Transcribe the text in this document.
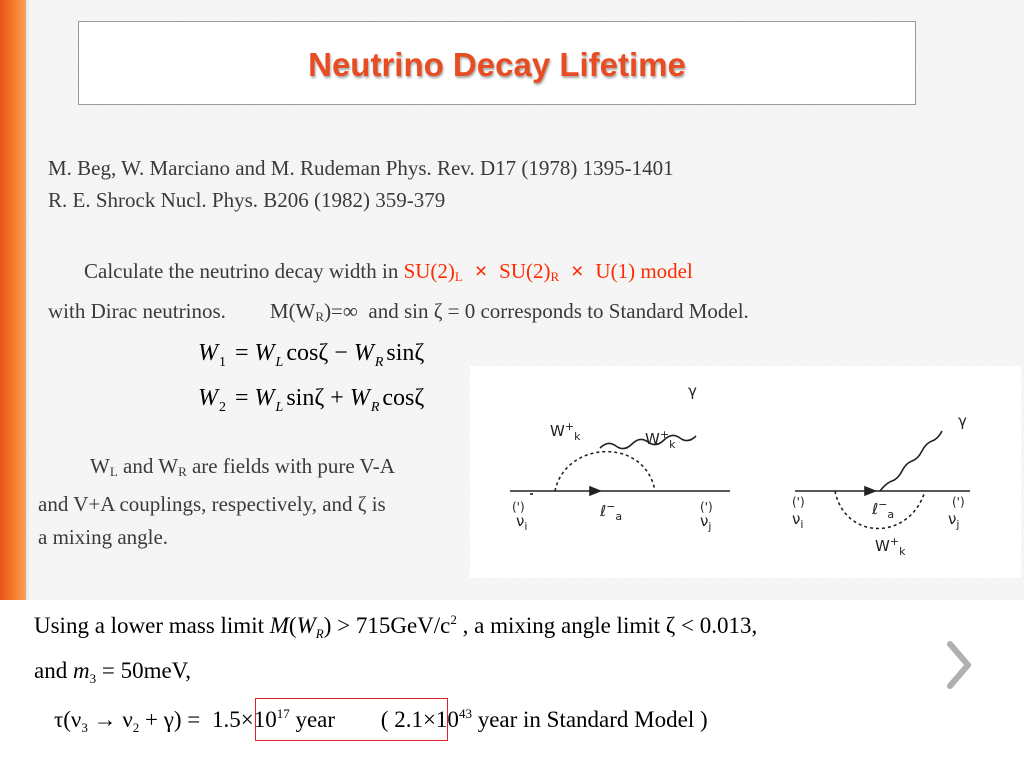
Neutrino Decay Lifetime
M. Beg, W. Marciano and M. Rudeman Phys. Rev. D17 (1978) 1395-1401
R. E. Shrock Nucl. Phys. B206 (1982) 359-379
Calculate the neutrino decay width in $SU(2)_L \times SU(2)_R \times U(1)$ model
with Dirac neutrinos. $M(W_R)=\infty$ and sin ζ = 0 corresponds to Standard Model.
$W_1 = W_L$ $\cos\zeta - W_R$ sinζ
$W_2 = W_L$ $\sin\zeta + W_R$ cosζ
$W_L$ and $W_R$ are fields with pure V-A and V+A couplings, respectively, and ζ is a mixing angle.
γ
$W^+_k$	$W^+_k$
ℓ−$_a$
(')
$\nu_i$
(')
$\nu_j$
γ
$W^+_k$
ℓ−$_a$
(')
$\nu_i$
(')
$\nu_j$
Using a lower mass limit $M(W_R) > 715GeV/c^2$ , a mixing angle limit ζ < 0.013,
and $m_3 = 50meV$,
$\tau(\nu_3 \to \nu_2 + \gamma) = 1.5\times 10^{17}$ year ( $2.1\times 10^{43}$ year in Standard Model )
